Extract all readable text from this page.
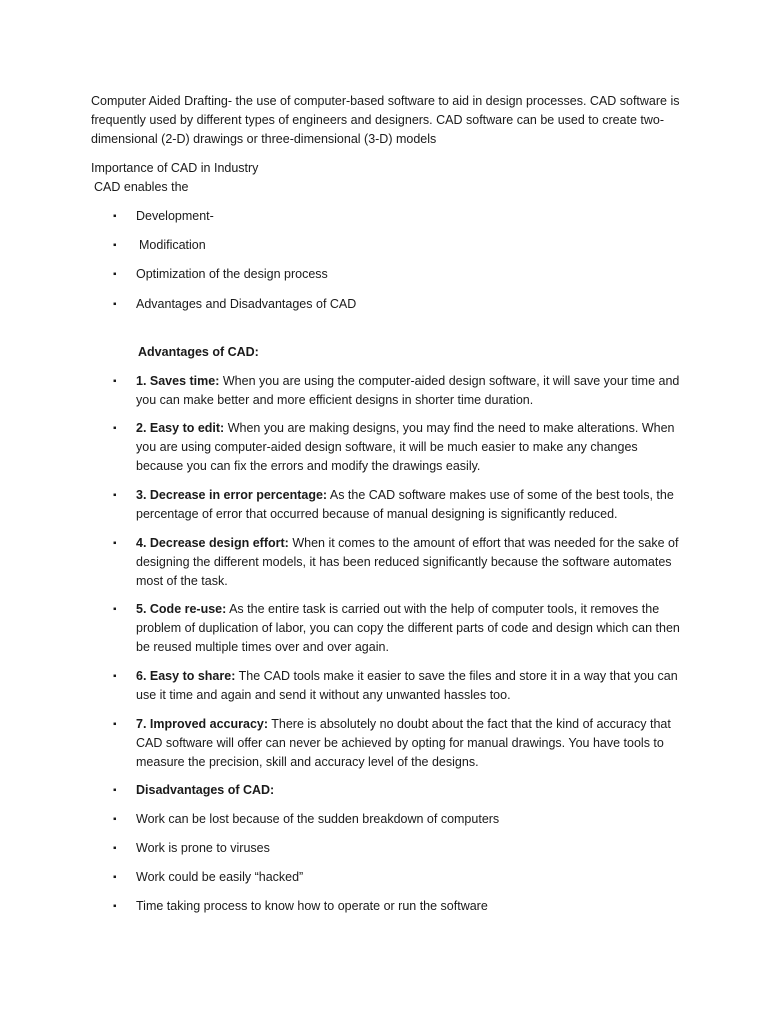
Computer Aided Drafting- the use of computer-based software to aid in design processes. CAD software is frequently used by different types of engineers and designers. CAD software can be used to create two-dimensional (2-D) drawings or three-dimensional (3-D) models

Importance of CAD in Industry
CAD enables the
▪ Development-
▪ Modification
▪ Optimization of the design process
▪ Advantages and Disadvantages of CAD
Advantages of CAD:
▪ 1. Saves time: When you are using the computer-aided design software, it will save your time and you can make better and more efficient designs in shorter time duration.
▪ 2. Easy to edit: When you are making designs, you may find the need to make alterations. When you are using computer-aided design software, it will be much easier to make any changes because you can fix the errors and modify the drawings easily.
▪ 3. Decrease in error percentage: As the CAD software makes use of some of the best tools, the percentage of error that occurred because of manual designing is significantly reduced.
▪ 4. Decrease design effort: When it comes to the amount of effort that was needed for the sake of designing the different models, it has been reduced significantly because the software automates most of the task.
▪ 5. Code re-use: As the entire task is carried out with the help of computer tools, it removes the problem of duplication of labor, you can copy the different parts of code and design which can then be reused multiple times over and over again.
▪ 6. Easy to share: The CAD tools make it easier to save the files and store it in a way that you can use it time and again and send it without any unwanted hassles too.
▪ 7. Improved accuracy: There is absolutely no doubt about the fact that the kind of accuracy that CAD software will offer can never be achieved by opting for manual drawings. You have tools to measure the precision, skill and accuracy level of the designs.
▪ Disadvantages of CAD:
▪ Work can be lost because of the sudden breakdown of computers
▪ Work is prone to viruses
▪ Work could be easily “hacked”
▪ Time taking process to know how to operate or run the software
